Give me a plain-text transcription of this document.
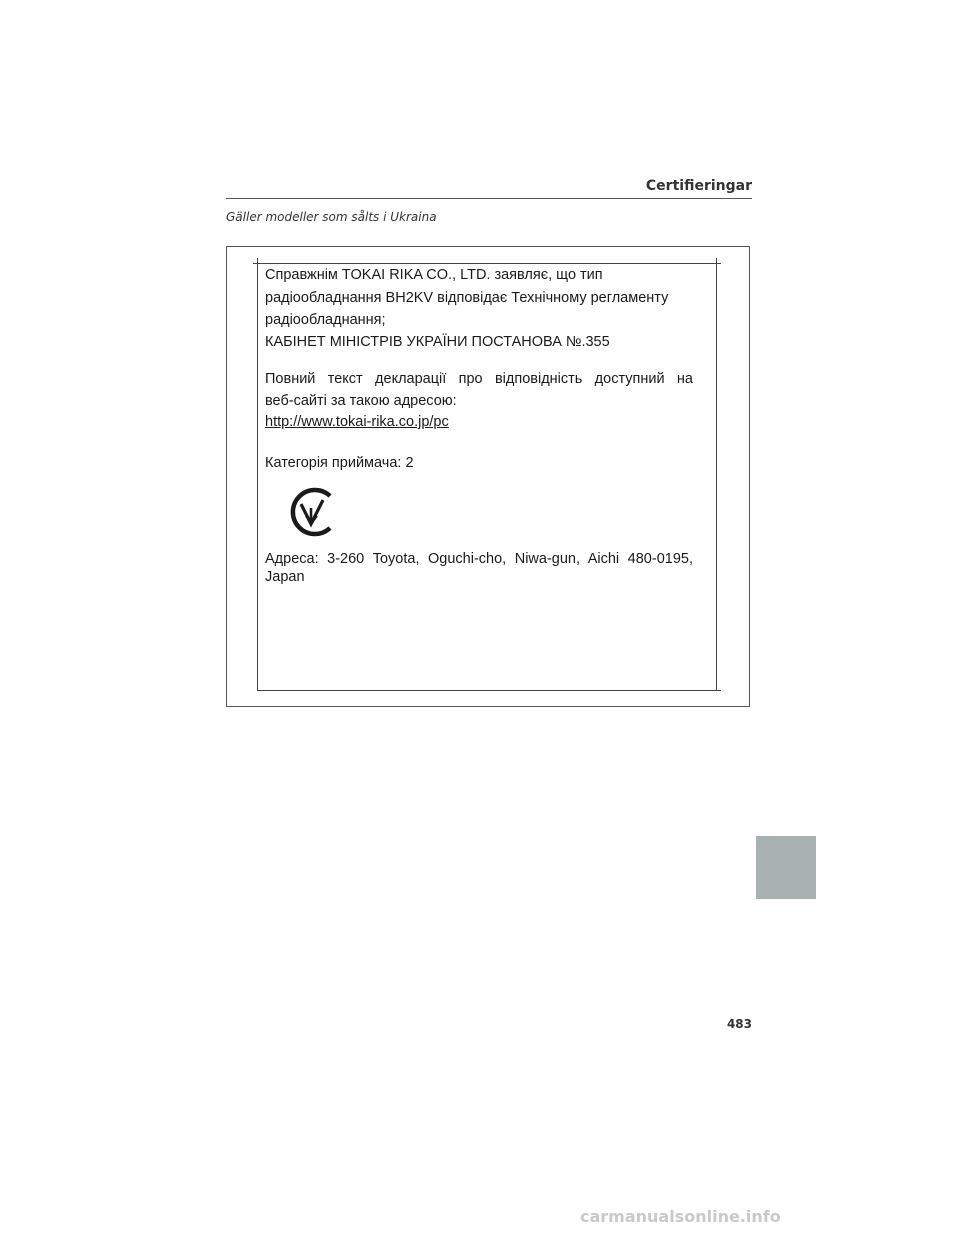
Certifieringar
Gäller modeller som sålts i Ukraina
Справжнім TOKAI RIKA CO., LTD. заявляє, що тип
радіообладнання BH2KV відповідає Технічному регламенту
радіообладнання;
КАБІНЕТ МІНІСТРІВ УКРАЇНИ ПОСТАНОВА №.355
Повний текст декларації про відповідність доступний на
веб-сайті за такою адресою:
http://www.tokai-rika.co.jp/pc
Категорія приймача: 2
Адреса: 3-260 Toyota, Oguchi-cho, Niwa-gun, Aichi 480-0195,
Japan
483
carmanualsonline.info
